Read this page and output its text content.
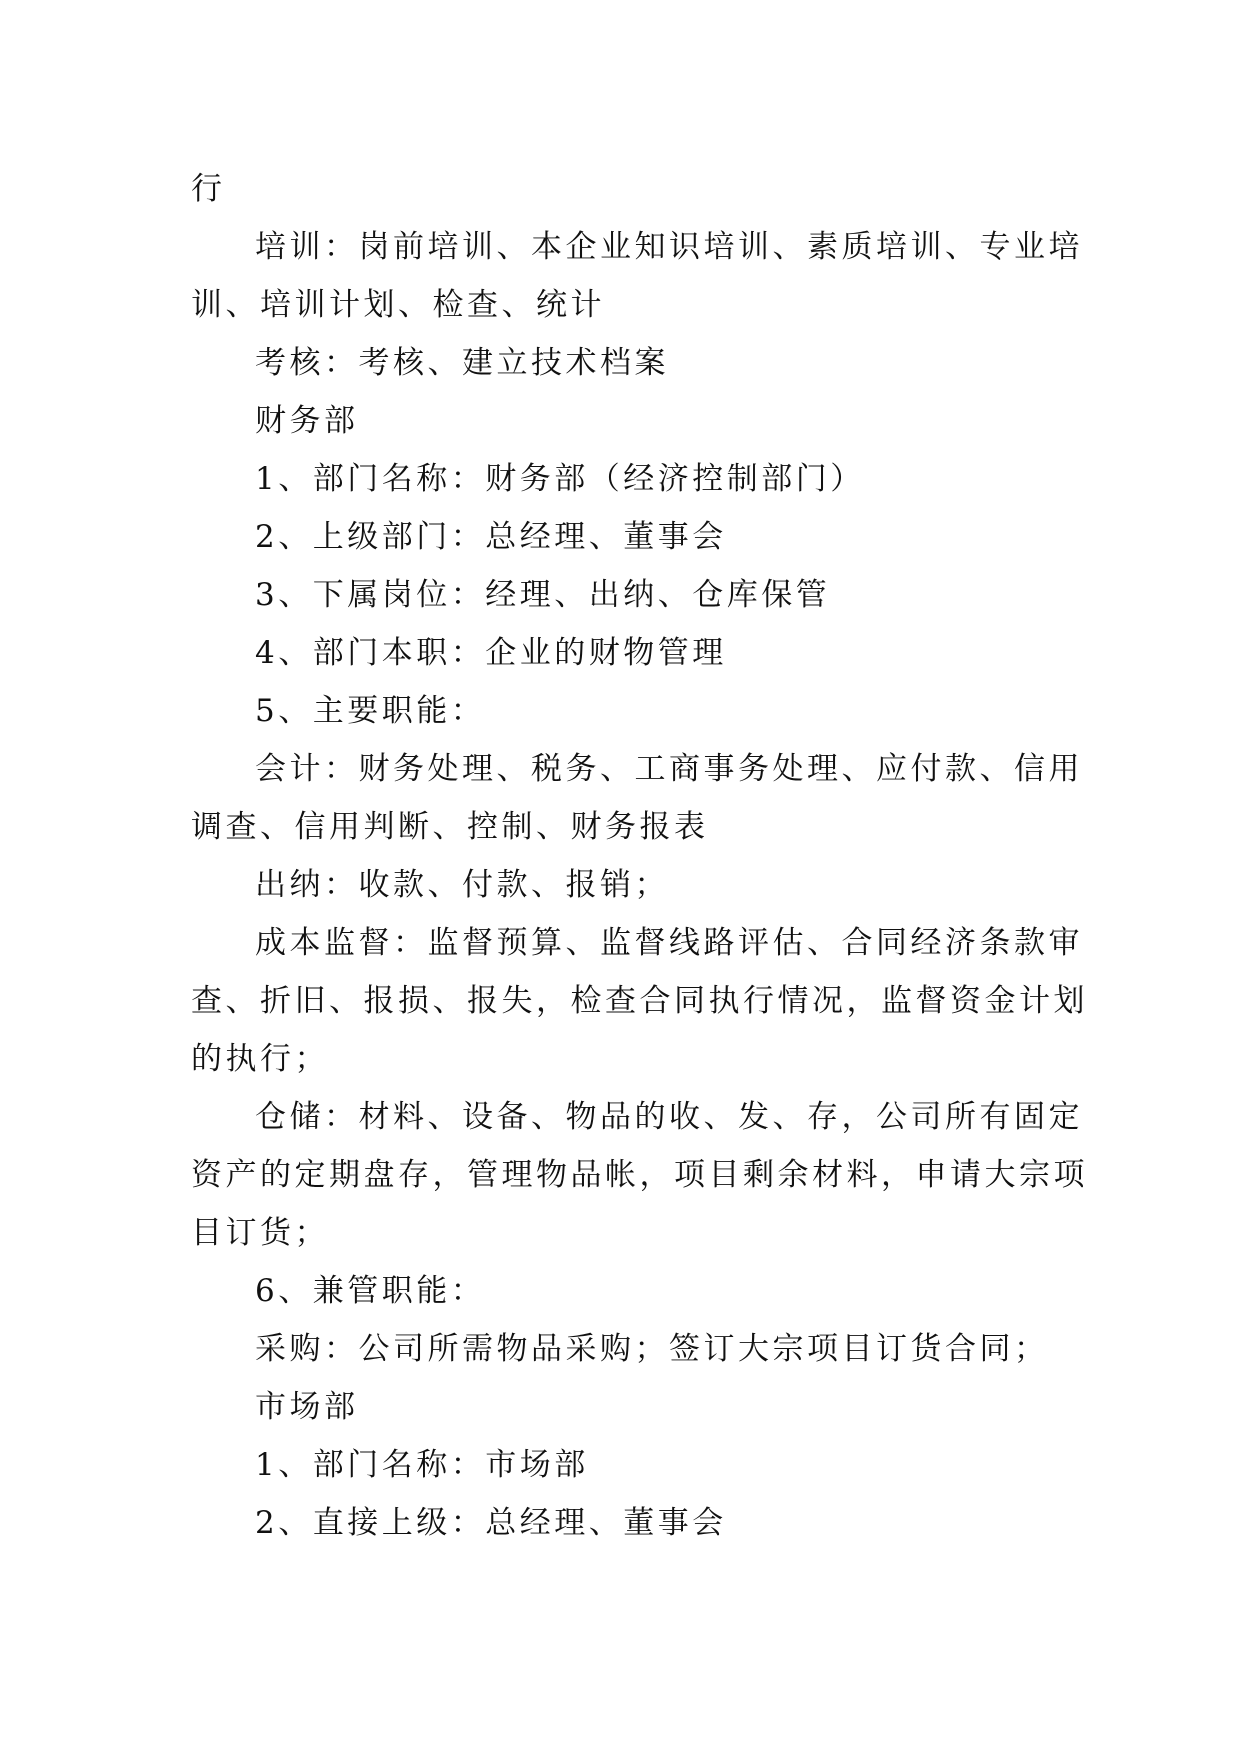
行
培训：岗前培训、本企业知识培训、素质培训、专业培
训、培训计划、检查、统计
考核：考核、建立技术档案
财务部
1、部门名称：财务部（经济控制部门）
2、上级部门：总经理、董事会
3、下属岗位：经理、出纳、仓库保管
4、部门本职：企业的财物管理
5、主要职能：
会计：财务处理、税务、工商事务处理、应付款、信用
调查、信用判断、控制、财务报表
出纳：收款、付款、报销；
成本监督：监督预算、监督线路评估、合同经济条款审
查、折旧、报损、报失，检查合同执行情况，监督资金计划
的执行；
仓储：材料、设备、物品的收、发、存，公司所有固定
资产的定期盘存，管理物品帐，项目剩余材料，申请大宗项
目订货；
6、兼管职能：
采购：公司所需物品采购；签订大宗项目订货合同；
市场部
1、部门名称：市场部
2、直接上级：总经理、董事会
